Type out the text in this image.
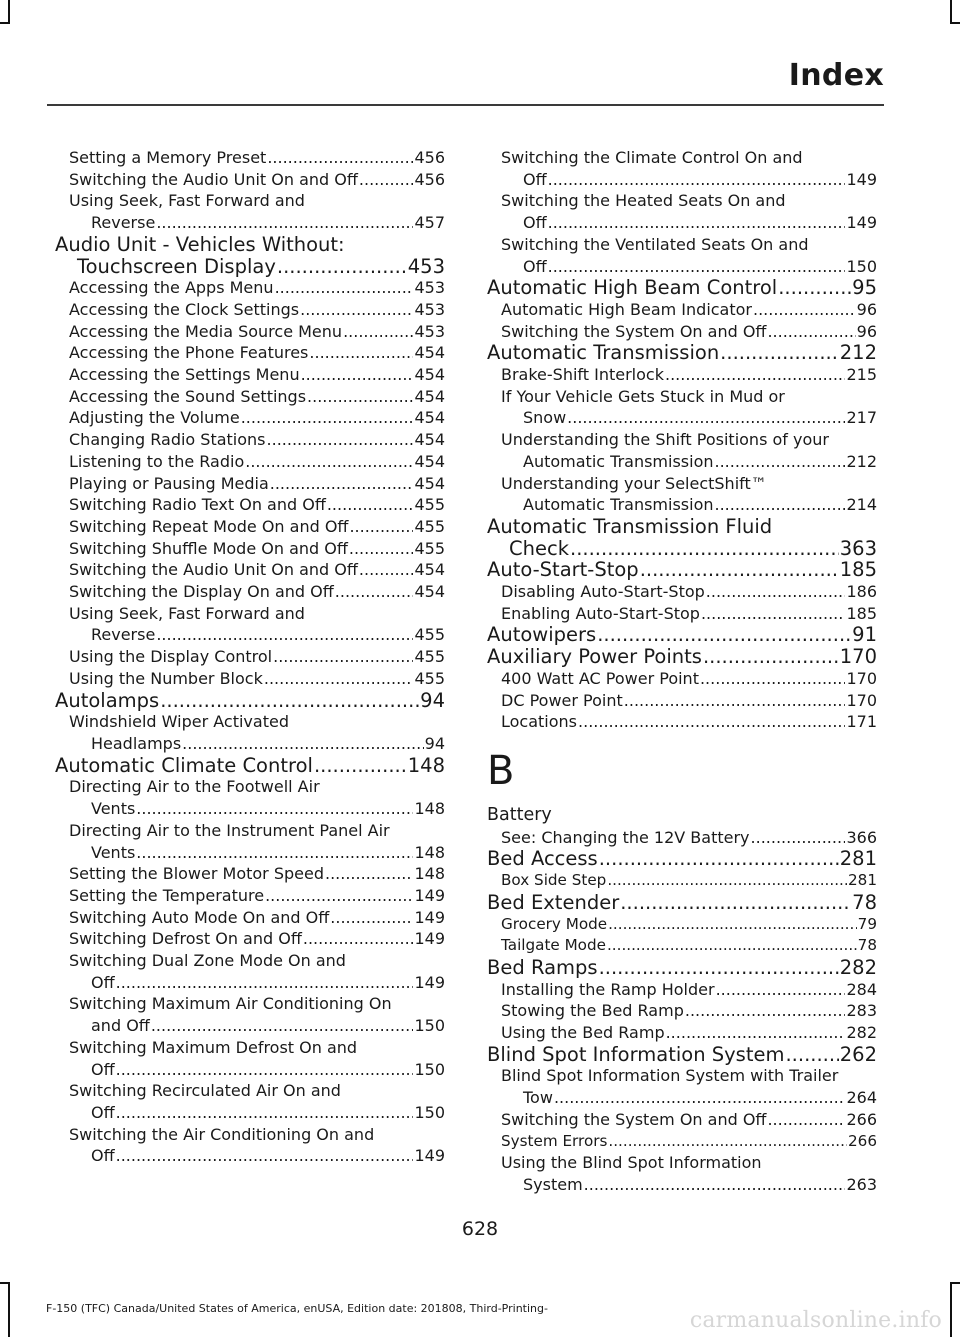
Index
Setting a Memory Preset .....	456
Switching the Audio Unit On and Off .....	456
Using Seek, Fast Forward and
Reverse .....	457
Audio Unit - Vehicles Without:
Touchscreen Display .....	453
Accessing the Apps Menu .....	453
Accessing the Clock Settings .....	453
Accessing the Media Source Menu .....	453
Accessing the Phone Features .....	454
Accessing the Settings Menu .....	454
Accessing the Sound Settings .....	454
Adjusting the Volume .....	454
Changing Radio Stations .....	454
Listening to the Radio .....	454
Playing or Pausing Media .....	454
Switching Radio Text On and Off .....	455
Switching Repeat Mode On and Off .....	455
Switching Shuffle Mode On and Off .....	455
Switching the Audio Unit On and Off .....	454
Switching the Display On and Off .....	454
Using Seek, Fast Forward and
Reverse .....	455
Using the Display Control .....	455
Using the Number Block .....	455
Autolamps .....	94
Windshield Wiper Activated
Headlamps .....	94
Automatic Climate Control .....	148
Directing Air to the Footwell Air
Vents .....	148
Directing Air to the Instrument Panel Air
Vents .....	148
Setting the Blower Motor Speed .....	148
Setting the Temperature .....	149
Switching Auto Mode On and Off .....	149
Switching Defrost On and Off .....	149
Switching Dual Zone Mode On and
Off .....	149
Switching Maximum Air Conditioning On
and Off .....	150
Switching Maximum Defrost On and
Off .....	150
Switching Recirculated Air On and
Off .....	150
Switching the Air Conditioning On and
Off .....	149
Switching the Climate Control On and
Off .....	149
Switching the Heated Seats On and
Off .....	149
Switching the Ventilated Seats On and
Off .....	150
Automatic High Beam Control .....	95
Automatic High Beam Indicator .....	96
Switching the System On and Off .....	96
Automatic Transmission .....	212
Brake-Shift Interlock .....	215
If Your Vehicle Gets Stuck in Mud or
Snow .....	217
Understanding the Shift Positions of your
Automatic Transmission .....	212
Understanding your SelectShift™
Automatic Transmission .....	214
Automatic Transmission Fluid
Check .....	363
Auto-Start-Stop .....	185
Disabling Auto-Start-Stop .....	186
Enabling Auto-Start-Stop .....	185
Autowipers .....	91
Auxiliary Power Points .....	170
400 Watt AC Power Point .....	170
DC Power Point .....	170
Locations .....	171
B
Battery
See: Changing the 12V Battery .....	366
Bed Access .....	281
Box Side Step .....	281
Bed Extender .....	78
Grocery Mode .....	79
Tailgate Mode .....	78
Bed Ramps .....	282
Installing the Ramp Holder .....	284
Stowing the Bed Ramp .....	283
Using the Bed Ramp .....	282
Blind Spot Information System .....	262
Blind Spot Information System with Trailer
Tow .....	264
Switching the System On and Off .....	266
System Errors .....	266
Using the Blind Spot Information
System .....	263
628
F-150 (TFC) Canada/United States of America, enUSA, Edition date: 201808, Third-Printing-	carmanualsonline.info
